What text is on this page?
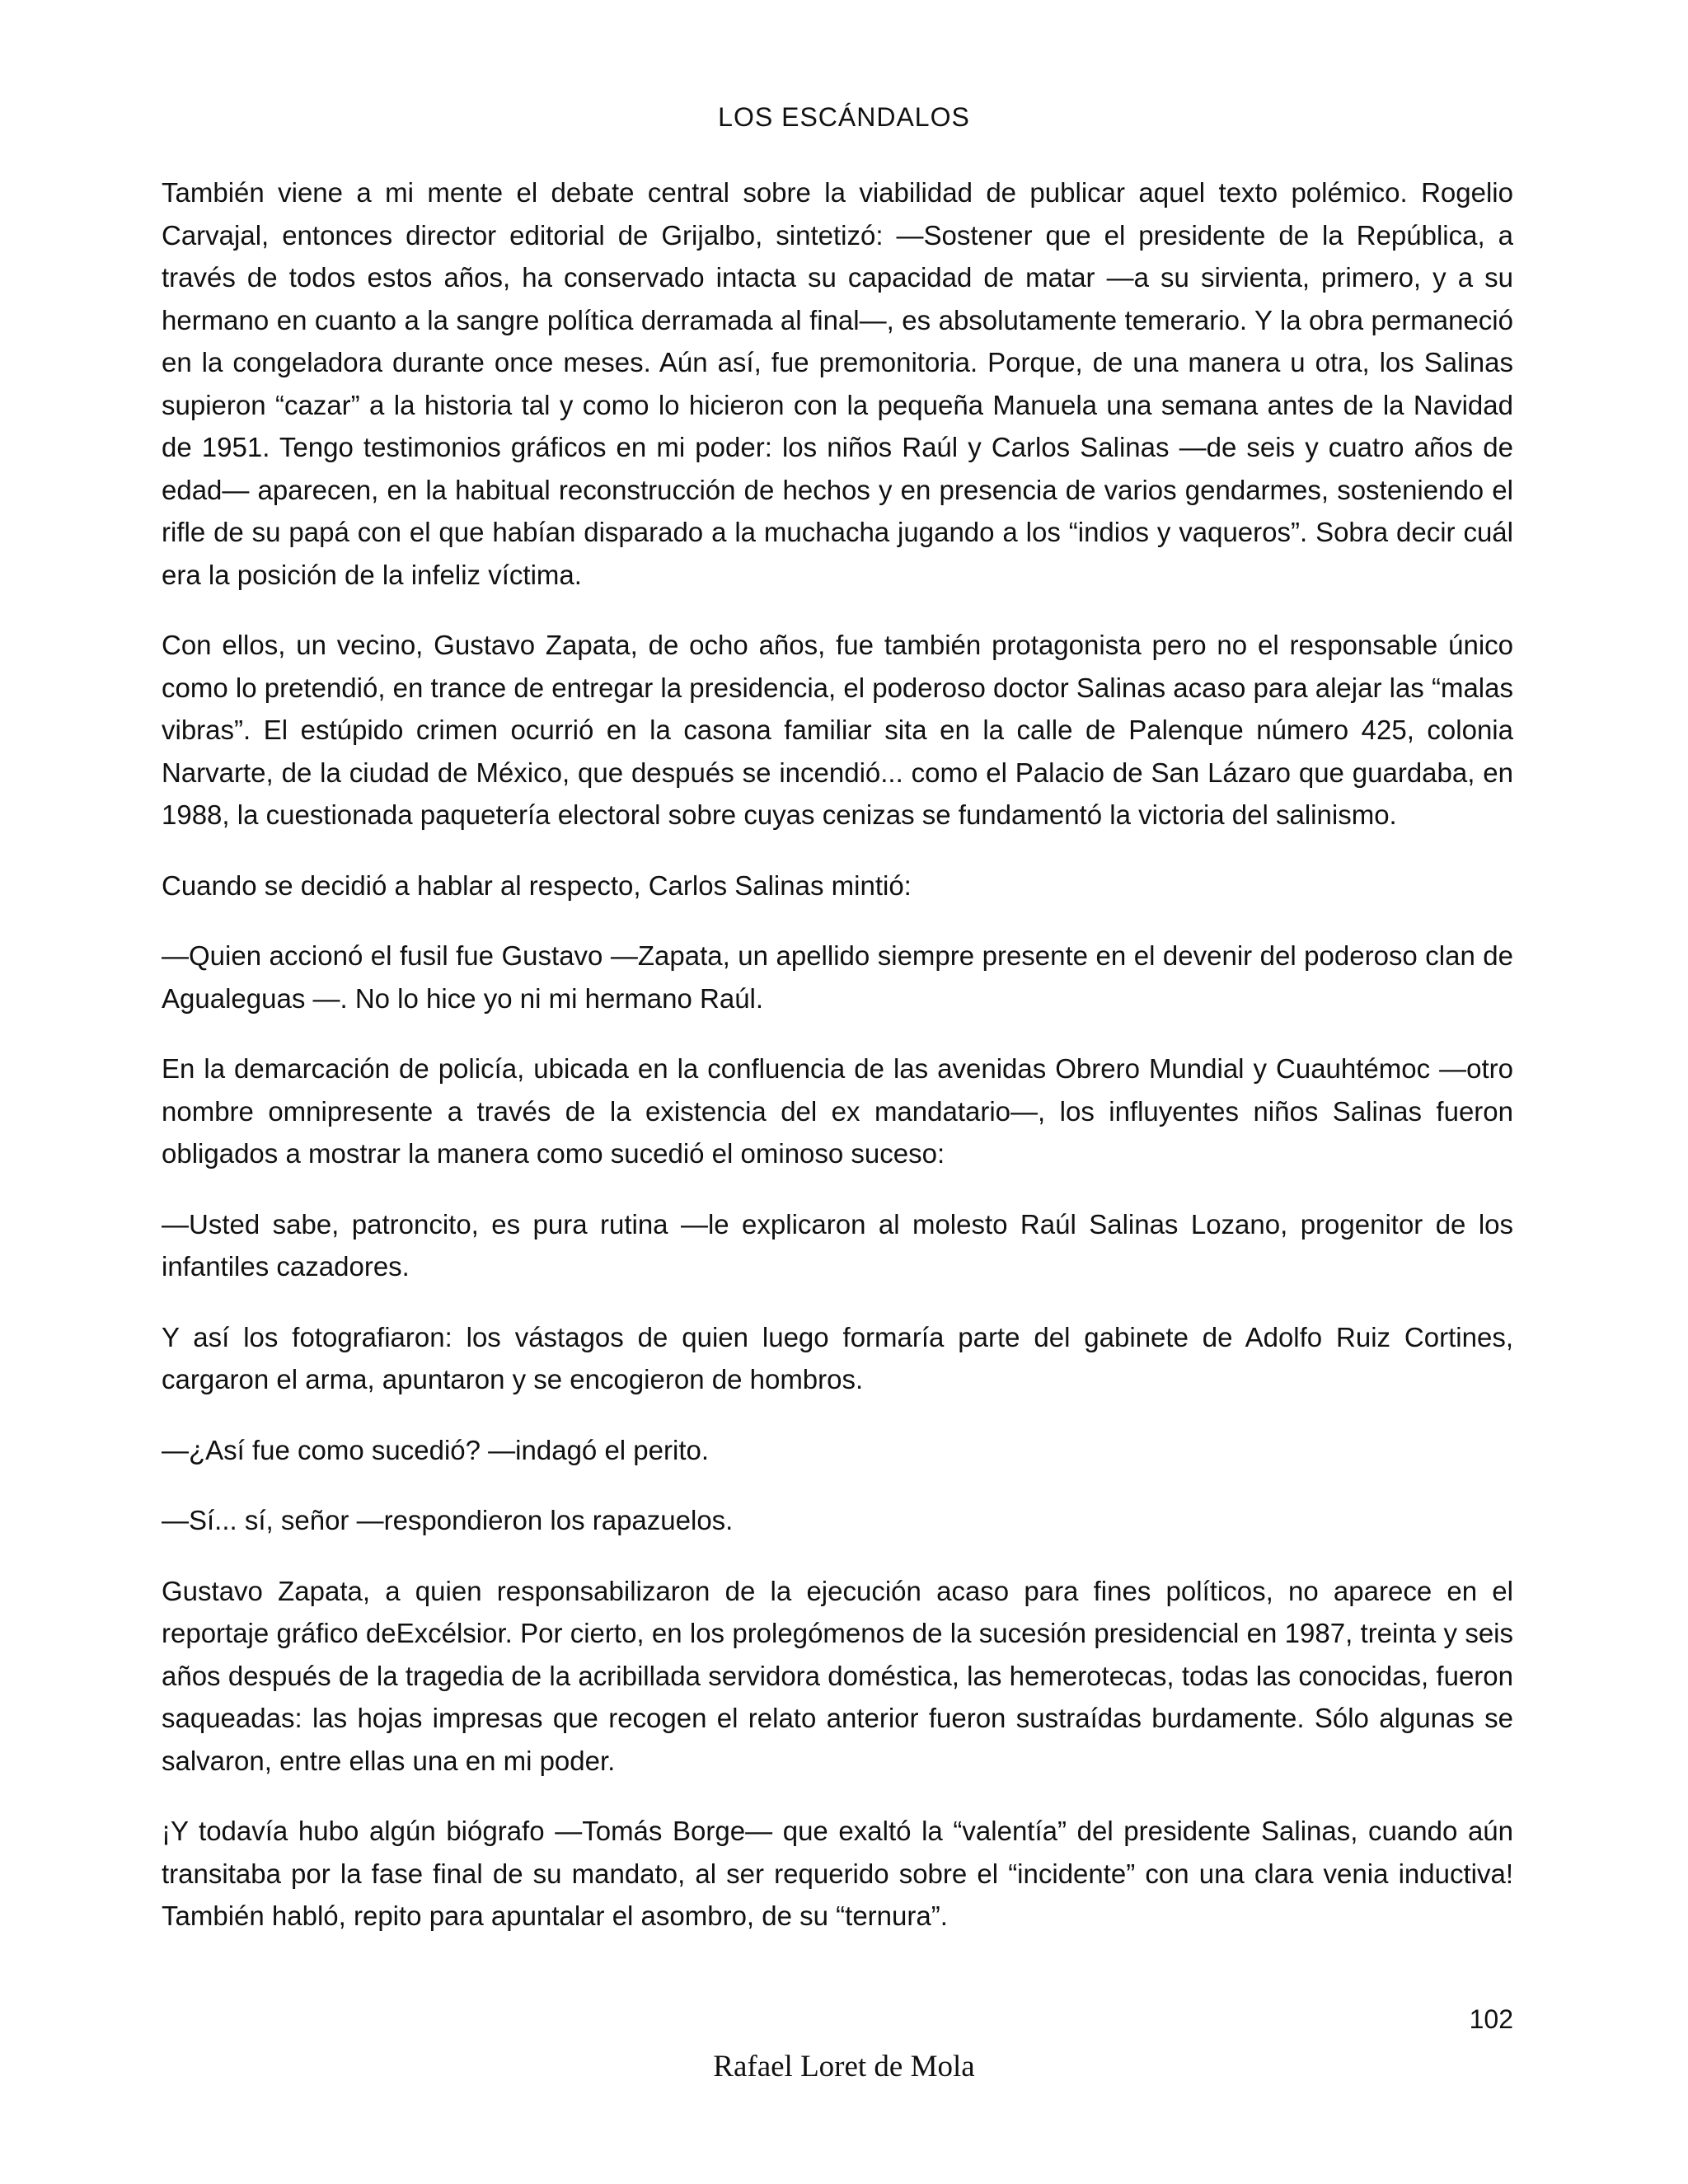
LOS ESCÁNDALOS

También viene a mi mente el debate central sobre la viabilidad de publicar aquel texto polémico. Rogelio Carvajal, entonces director editorial de Grijalbo, sintetizó: —Sostener que el presidente de la República, a través de todos estos años, ha conservado intacta su capacidad de matar —a su sirvienta, primero, y a su hermano en cuanto a la sangre política derramada al final—, es absolutamente temerario. Y la obra permaneció en la congeladora durante once meses. Aún así, fue premonitoria. Porque, de una manera u otra, los Salinas supieron “cazar” a la historia tal y como lo hicieron con la pequeña Manuela una semana antes de la Navidad de 1951. Tengo testimonios gráficos en mi poder: los niños Raúl y Carlos Salinas —de seis y cuatro años de edad— aparecen, en la habitual reconstrucción de hechos y en presencia de varios gendarmes, sosteniendo el rifle de su papá con el que habían disparado a la muchacha jugando a los “indios y vaqueros”. Sobra decir cuál era la posición de la infeliz víctima.

Con ellos, un vecino, Gustavo Zapata, de ocho años, fue también protagonista pero no el responsable único como lo pretendió, en trance de entregar la presidencia, el poderoso doctor Salinas acaso para alejar las “malas vibras”. El estúpido crimen ocurrió en la casona familiar sita en la calle de Palenque número 425, colonia Narvarte, de la ciudad de México, que después se incendió... como el Palacio de San Lázaro que guardaba, en 1988, la cuestionada paquetería electoral sobre cuyas cenizas se fundamentó la victoria del salinismo.

Cuando se decidió a hablar al respecto, Carlos Salinas mintió:

—Quien accionó el fusil fue Gustavo —Zapata, un apellido siempre presente en el devenir del poderoso clan de Agualeguas —. No lo hice yo ni mi hermano Raúl.

En la demarcación de policía, ubicada en la confluencia de las avenidas Obrero Mundial y Cuauhtémoc —otro nombre omnipresente a través de la existencia del ex mandatario—, los influyentes niños Salinas fueron obligados a mostrar la manera como sucedió el ominoso suceso:

—Usted sabe, patroncito, es pura rutina —le explicaron al molesto Raúl Salinas Lozano, progenitor de los infantiles cazadores.

Y así los fotografiaron: los vástagos de quien luego formaría parte del gabinete de Adolfo Ruiz Cortines, cargaron el arma, apuntaron y se encogieron de hombros.

—¿Así fue como sucedió? —indagó el perito.

—Sí... sí, señor —respondieron los rapazuelos.

Gustavo Zapata, a quien responsabilizaron de la ejecución acaso para fines políticos, no aparece en el reportaje gráfico deExcélsior. Por cierto, en los prolegómenos de la sucesión presidencial en 1987, treinta y seis años después de la tragedia de la acribillada servidora doméstica, las hemerotecas, todas las conocidas, fueron saqueadas: las hojas impresas que recogen el relato anterior fueron sustraídas burdamente. Sólo algunas se salvaron, entre ellas una en mi poder.

¡Y todavía hubo algún biógrafo —Tomás Borge— que exaltó la “valentía” del presidente Salinas, cuando aún transitaba por la fase final de su mandato, al ser requerido sobre el “incidente” con una clara venia inductiva! También habló, repito para apuntalar el asombro, de su “ternura”.

102
Rafael Loret de Mola
